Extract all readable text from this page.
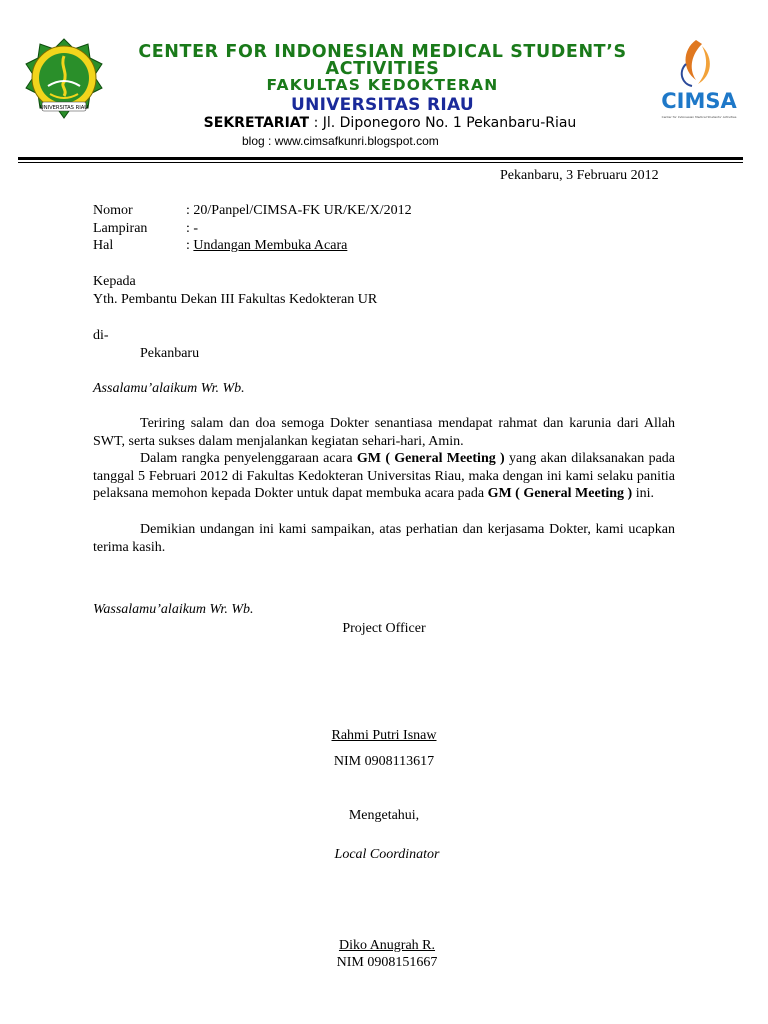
UNIVERSITAS RIAU
CENTER FOR INDONESIAN MEDICAL STUDENT’S ACTIVITIES
FAKULTAS KEDOKTERAN
UNIVERSITAS RIAU	CIMSA
Center for Indonesian Medical Students' Activities
SEKRETARIAT : Jl. Diponegoro No. 1 Pekanbaru-Riau
blog : www.cimsafkunri.blogspot.com
Pekanbaru, 3 Februaru 2012
Nomor	: 20/Panpel/CIMSA-FK UR/KE/X/2012
Lampiran	: -
Hal	: Undangan Membuka Acara
Kepada
Yth. Pembantu Dekan III Fakultas Kedokteran UR
di-
Pekanbaru
Assalamu’alaikum Wr. Wb.
Teriring salam dan doa semoga Dokter senantiasa mendapat rahmat dan karunia dari Allah SWT, serta sukses dalam menjalankan kegiatan sehari-hari, Amin.
Dalam rangka penyelenggaraan acara GM ( General Meeting ) yang akan dilaksanakan pada tanggal 5 Februari 2012 di Fakultas Kedokteran Universitas Riau, maka dengan ini kami selaku panitia pelaksana memohon kepada Dokter untuk dapat membuka acara pada GM ( General Meeting ) ini.
Demikian undangan ini kami sampaikan, atas perhatian dan kerjasama Dokter, kami ucapkan terima kasih.
Wassalamu’alaikum Wr. Wb.
Project Officer
Rahmi Putri Isnaw
NIM 0908113617
Mengetahui,
Local Coordinator
Diko Anugrah R.
NIM 0908151667
